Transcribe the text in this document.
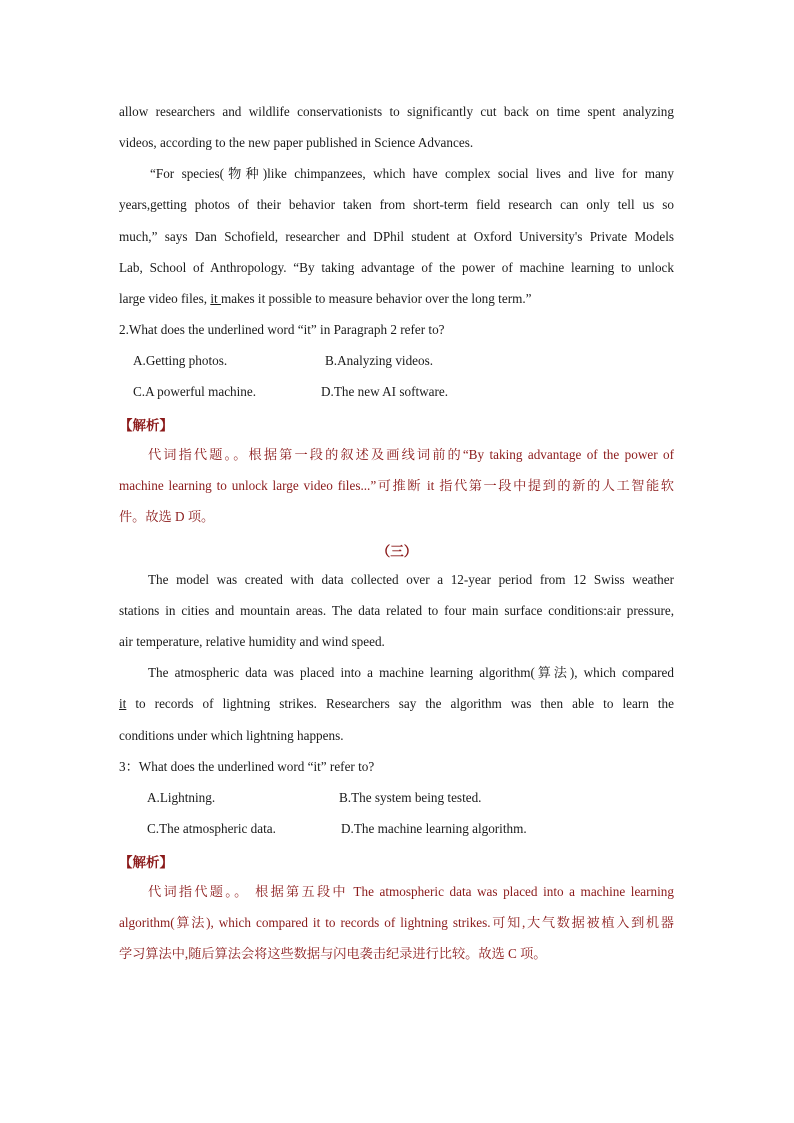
allow researchers and wildlife conservationists to significantly cut back on time spent analyzing
videos, according to the new paper published in Science Advances.
“For species(物种)like chimpanzees, which have complex social lives and live for many
years,getting photos of their behavior taken from short-term field research can only tell us so
much,” says Dan Schofield, researcher and DPhil student at Oxford University's Private Models
Lab, School of Anthropology. “By taking advantage of the power of machine learning to unlock
large video files, it makes it possible to measure behavior over the long term.”
2.What does the underlined word “it” in Paragraph 2 refer to?
A.Getting photos.	B.Analyzing videos.
C.A powerful machine.	D.The new AI software.
【解析】
代词指代题。。根据第一段的叙述及画线词前的“By taking advantage of the power of
machine learning to unlock large video files...”可推断 it 指代第一段中提到的新的人工智能软
件。故选 D 项。
（三）
The model was created with data collected over a 12-year period from 12 Swiss weather
stations in cities and mountain areas. The data related to four main surface conditions:air pressure,
air temperature, relative humidity and wind speed.
The atmospheric data was placed into a machine learning algorithm(算法), which compared
it to records of lightning strikes. Researchers say the algorithm was then able to learn the
conditions under which lightning happens.
3：What does the underlined word “it” refer to?
A.Lightning.	B.The system being tested.
C.The atmospheric data.	D.The machine learning algorithm.
【解析】
代词指代题。。 根据第五段中 The atmospheric data was placed into a machine learning
algorithm(算法), which compared it to records of lightning strikes.可知,大气数据被植入到机器
学习算法中,随后算法会将这些数据与闪电袭击纪录进行比较。故选 C 项。
